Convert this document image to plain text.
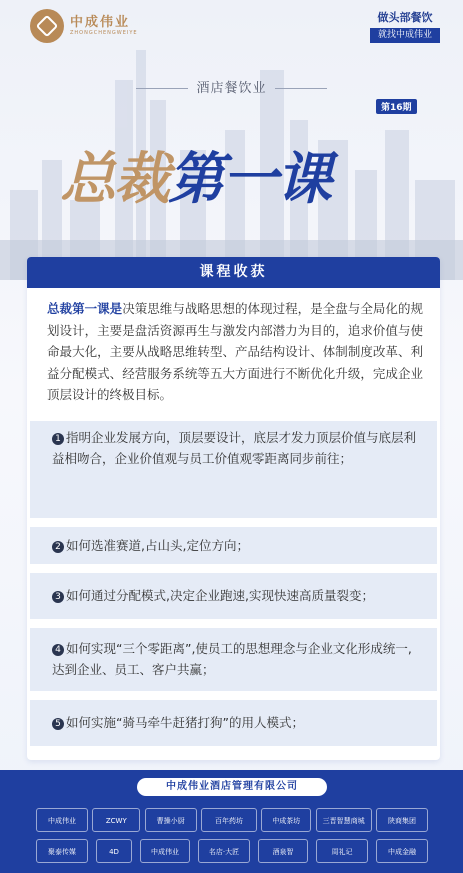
中成伟业
ZHONGCHENGWEIYE
做头部餐饮
就找中成伟业
酒店餐饮业
第16期
总裁第一课
课程收获
总裁第一课是决策思维与战略思想的体现过程，是全盘与全局化的规划设计，主要是盘活资源再生与激发内部潜力为目的，追求价值与使命最大化，主要从战略思维转型、产品结构设计、体制制度改革、利益分配模式、经营服务系统等五大方面进行不断优化升级，完成企业顶层设计的终极目标。
1 指明企业发展方向，顶层要设计，底层才发力顶层价值与底层利益相吻合，企业价值观与员工价值观零距离同步前往；
2 如何选准赛道,占山头,定位方向；
3 如何通过分配模式,决定企业跑速,实现快速高质量裂变；
4 如何实现“三个零距离”,使员工的思想理念与企业文化形成统一,达到企业、员工、客户共赢；
5 如何实施“骑马牵牛赶猪打狗”的用人模式；
中成伟业酒店管理有限公司
中成伟业	ZCWY	曹操小厨	百年药坊	中成茶坊	三晋智慧商城	陕商集团
聚泰传媒	4D	中成伟业	名店·大匠	酒泉智	周礼记	中成金融
